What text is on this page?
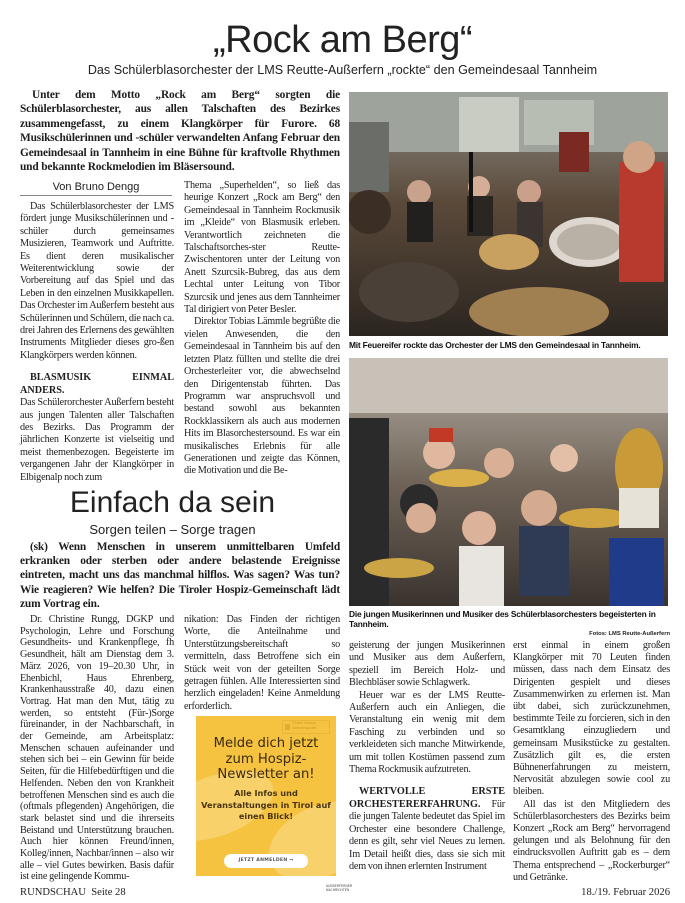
„Rock am Berg“
Das Schülerblasorchester der LMS Reutte-Außerfern „rockte“ den Gemeindesaal Tannheim
Unter dem Motto „Rock am Berg“ sorgten die Schülerblasorchester, aus allen Talschaften des Bezirkes zusammengefasst, zu einem Klangkörper für Furore. 68 Musikschülerinnen und -schüler verwandelten Anfang Februar den Gemeindesaal in Tannheim in eine Bühne für kraftvolle Rhythmen und bekannte Rockmelodien im Bläsersound.
Von Bruno Dengg

Das Schülerblasorchester der LMS fördert junge Musikschülerinnen und -schüler durch gemeinsames Musizieren, Teamwork und Auftritte. Es dient deren musikalischer Weiterentwicklung sowie der Vorbereitung auf das Spiel und das Leben in den einzelnen Musikkapellen. Das Orchester im Außerfern besteht aus Schülerinnen und Schülern, die nach ca. drei Jahren des Erlernens des gewählten Instruments Mitglieder dieses gro-ßen Klangkörpers werden können.

BLASMUSIK EINMAL ANDERS.

Das Schülerorchester Außerfern besteht aus jungen Talenten aller Talschaften des Bezirks. Das Programm der jährlichen Konzerte ist vielseitig und meist themenbezogen. Begeisterte im vergangenen Jahr der Klangkörper in Elbigenalp noch zum

Thema „Superhelden“, so ließ das heurige Konzert „Rock am Berg“ den Gemeindesaal in Tannheim Rockmusik im „Kleide“ von Blasmusik erleben. Verantwortlich zeichneten die Talschaftsorches-ster Reutte-Zwischentoren unter der Leitung von Anett Szurcsik-Bubreg, das aus dem Lechtal unter Leitung von Tibor Szurcsik und jenes aus dem Tannheimer Tal dirigiert von Peter Besler.

Direktor Tobias Lämmle begrüßte die vielen Anwesenden, die den Gemeindesaal in Tannheim bis auf den letzten Platz füllten und stellte die drei Orchesterleiter vor, die abwechselnd den Dirigentenstab führten. Das Programm war anspruchsvoll und bestand sowohl aus bekannten Rockklassikern als auch aus modernen Hits im Blasorchestersound. Es war ein musikalisches Erlebnis für alle Generationen und zeigte das Können, die Motivation und die Be-

Mit Feuereifer rockte das Orchester der LMS den Gemeindesaal in Tannheim.
Die jungen Musikerinnen und Musiker des Schülerblasorchesters begeisterten in Tannheim.
Fotos: LMS Reutte-Außerfern

geisterung der jungen Musikerinnen und Musiker aus dem Außerfern, speziell im Bereich Holz- und Blechbläser sowie Schlagwerk.

Heuer war es der LMS Reutte-Außerfern auch ein Anliegen, die Veranstaltung ein wenig mit dem Fasching zu verbinden und so verkleideten sich manche Mitwirkende, um mit tollen Kostümen passend zum Thema Rockmusik aufzutreten.

WERTVOLLE ERSTE ORCHESTERERFAHRUNG. Für die jungen Talente bedeutet das Spiel im Orchester eine besondere Challenge, denn es gilt, sehr viel Neues zu lernen. Im Detail heißt dies, dass sie sich mit dem von ihnen erlernten Instrument

erst einmal in einem großen Klangkörper mit 70 Leuten finden müssen, dass nach dem Einsatz des Dirigenten gespielt und dieses Zusammenwirken zu erlernen ist. Man übt dabei, sich zurückzunehmen, bestimmte Teile zu forcieren, sich in den Gesamtklang einzugliedern und gemeinsam Musikstücke zu gestalten. Zusätzlich gilt es, die ersten Bühnenerfahrungen zu meistern, Nervosität abzulegen sowie cool zu bleiben.

All das ist den Mitgliedern des Schülerblasorchesters des Bezirks beim Konzert „Rock am Berg“ hervorragend gelungen und als Belohnung für den eindrucksvollen Auftritt gab es – dem Thema entsprechend – „Rockerburger“ und Getränke.

Einfach da sein
Sorgen teilen – Sorge tragen
(sk) Wenn Menschen in unserem unmittelbaren Umfeld erkranken oder sterben oder andere belastende Ereignisse eintreten, macht uns das manchmal hilflos. Was sagen? Was tun? Wie reagieren? Wie helfen? Die Tiroler Hospiz-Gemeinschaft lädt zum Vortrag ein.

Dr. Christine Rungg, DGKP und Psychologin, Lehre und Forschung Gesundheits- und Krankenpflege, fh Gesundheit, hält am Dienstag dem 3. März 2026, von 19–20.30 Uhr, in Ehenbichl, Haus Ehrenberg, Krankenhausstraße 40, dazu einen Vortrag. Hat man den Mut, tätig zu werden, so entsteht (Für-)Sorge füreinander, in der Nachbarschaft, in der Gemeinde, am Arbeitsplatz: Menschen schauen aufeinander und stehen sich bei – ein Gewinn für beide Seiten, für die Hilfebedürftigen und die Helfenden. Neben den von Krankheit betroffenen Menschen sind es auch die (oftmals pflegenden) Angehörigen, die stark belastet sind und die ihrerseits Beistand und Unterstützung brauchen. Auch hier können Freund/innen, Kolleg/innen, Nachbar/innen – also wir alle – viel Gutes bewirken. Basis dafür ist eine gelingende Kommu-

nikation: Das Finden der richtigen Worte, die Anteilnahme und Unterstützungsbereitschaft so vermitteln, dass Betroffene sich ein Stück weit von der geteilten Sorge getragen fühlen. Alle Interessierten sind herzlich eingeladen! Keine Anmeldung erforderlich.

Tiroler Hospiz Gemeinschaft
Melde dich jetzt zum Hospiz-Newsletter an!
Alle Infos und Veranstaltungen in Tirol auf einen Blick!
JETZT ANMELDEN →
RUNDSCHAU  Seite 28
AUSSERFERNER NACHRICHTEN	18./19. Februar 2026
